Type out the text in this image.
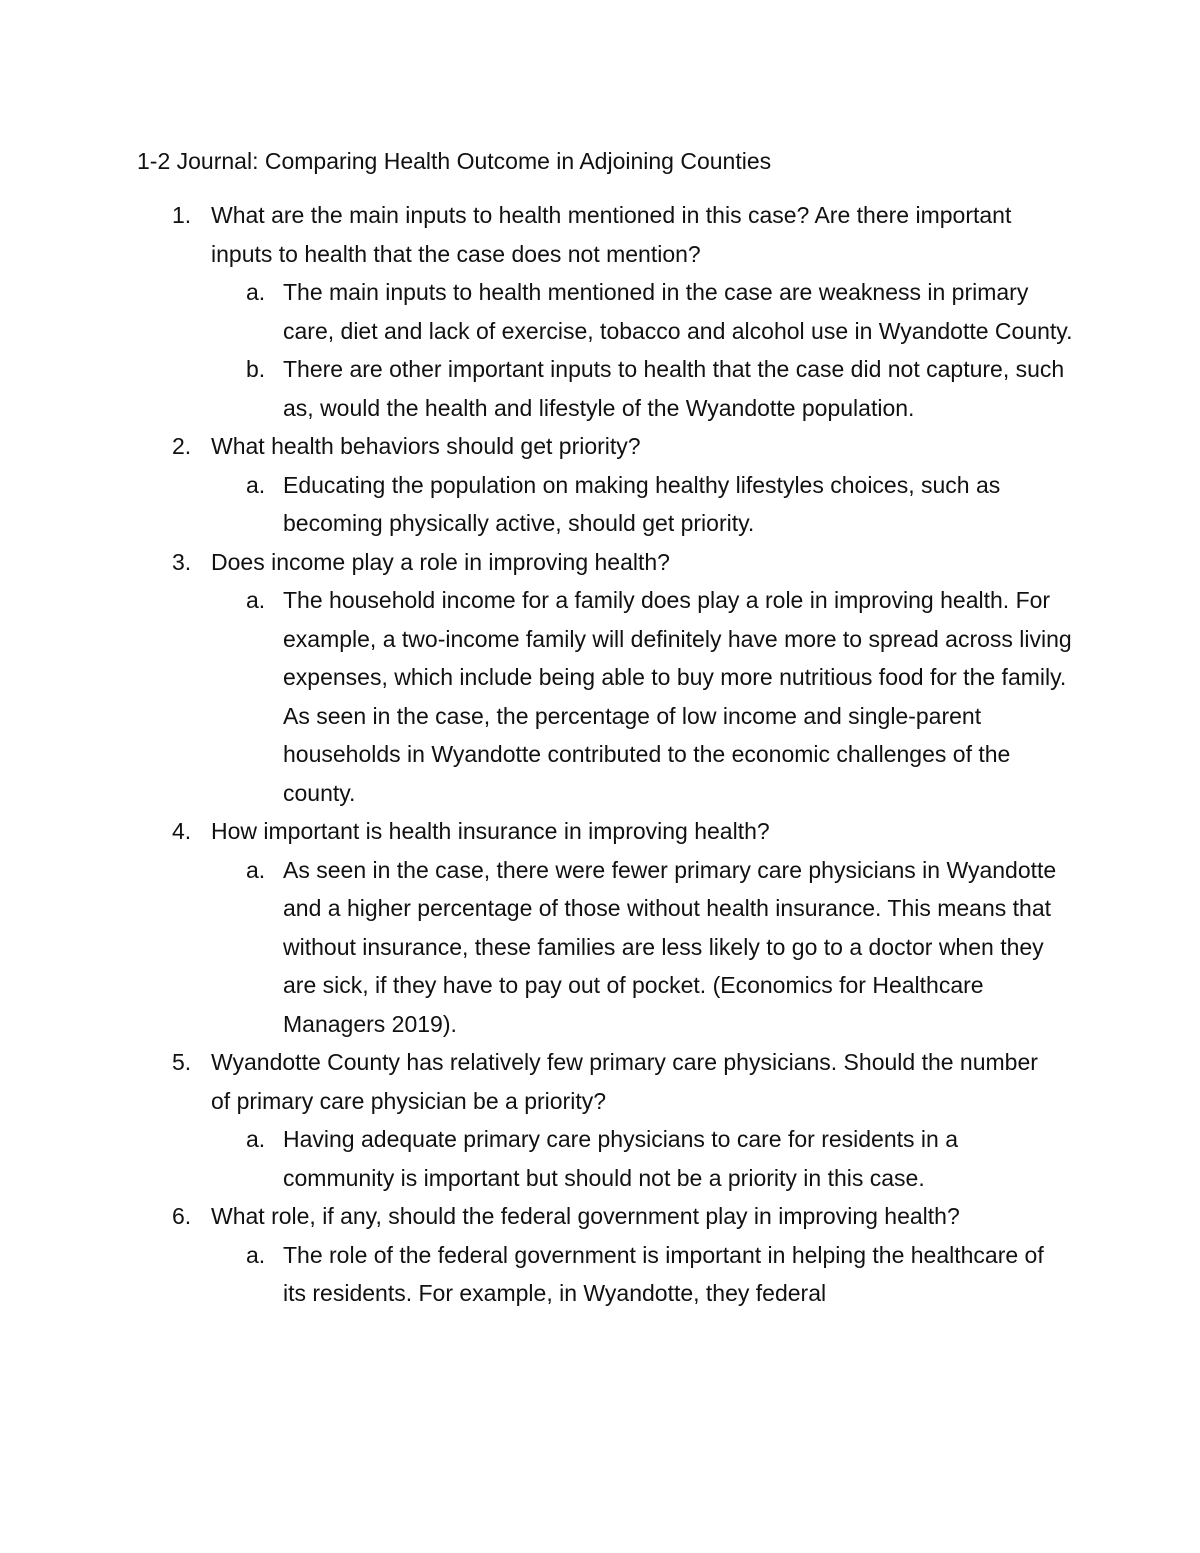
1-2 Journal: Comparing Health Outcome in Adjoining Counties
1. What are the main inputs to health mentioned in this case? Are there important inputs to health that the case does not mention?
a. The main inputs to health mentioned in the case are weakness in primary care, diet and lack of exercise, tobacco and alcohol use in Wyandotte County.
b. There are other important inputs to health that the case did not capture, such as, would the health and lifestyle of the Wyandotte population.
2. What health behaviors should get priority?
a. Educating the population on making healthy lifestyles choices, such as becoming physically active, should get priority.
3. Does income play a role in improving health?
a. The household income for a family does play a role in improving health. For example, a two-income family will definitely have more to spread across living expenses, which include being able to buy more nutritious food for the family. As seen in the case, the percentage of low income and single-parent households in Wyandotte contributed to the economic challenges of the county.
4. How important is health insurance in improving health?
a. As seen in the case, there were fewer primary care physicians in Wyandotte and a higher percentage of those without health insurance. This means that without insurance, these families are less likely to go to a doctor when they are sick, if they have to pay out of pocket. (Economics for Healthcare Managers 2019).
5. Wyandotte County has relatively few primary care physicians. Should the number of primary care physician be a priority?
a. Having adequate primary care physicians to care for residents in a community is important but should not be a priority in this case.
6. What role, if any, should the federal government play in improving health?
a. The role of the federal government is important in helping the healthcare of its residents. For example, in Wyandotte, they federal
